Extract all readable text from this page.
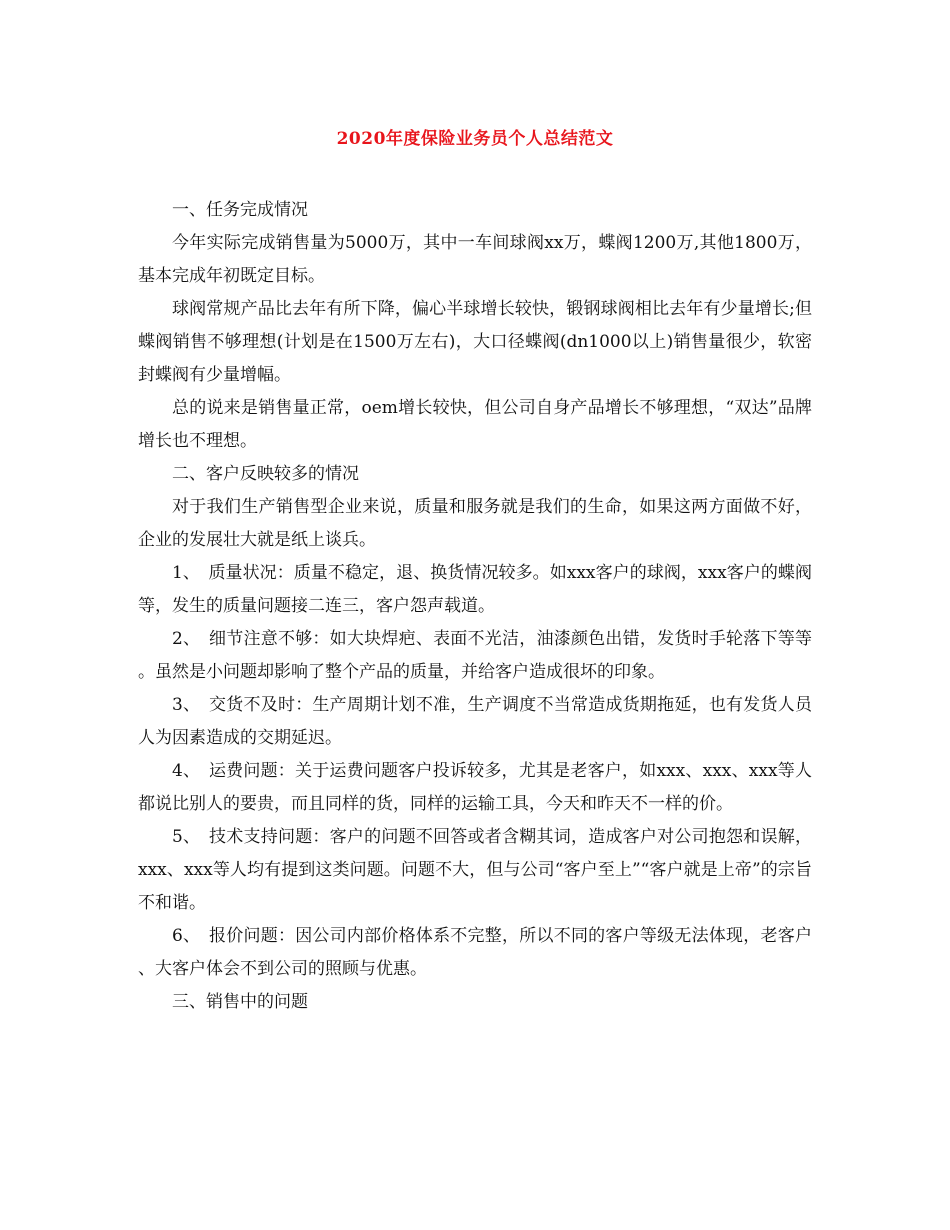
2020年度保险业务员个人总结范文

一、任务完成情况

今年实际完成销售量为5000万，其中一车间球阀xx万，蝶阀1200万,其他1800万，基本完成年初既定目标。

球阀常规产品比去年有所下降，偏心半球增长较快，锻钢球阀相比去年有少量增长;但蝶阀销售不够理想(计划是在1500万左右)，大口径蝶阀(dn1000以上)销售量很少，软密封蝶阀有少量增幅。

总的说来是销售量正常，oem增长较快，但公司自身产品增长不够理想，“双达”品牌增长也不理想。

二、客户反映较多的情况

对于我们生产销售型企业来说，质量和服务就是我们的生命，如果这两方面做不好，企业的发展壮大就是纸上谈兵。

1、　质量状况：质量不稳定，退、换货情况较多。如xxx客户的球阀，xxx客户的蝶阀等，发生的质量问题接二连三，客户怨声载道。

2、　细节注意不够：如大块焊疤、表面不光洁，油漆颜色出错，发货时手轮落下等等。虽然是小问题却影响了整个产品的质量，并给客户造成很坏的印象。

3、　交货不及时：生产周期计划不准，生产调度不当常造成货期拖延，也有发货人员人为因素造成的交期延迟。

4、　运费问题：关于运费问题客户投诉较多，尤其是老客户，如xxx、xxx、xxx等人都说比别人的要贵，而且同样的货，同样的运输工具，今天和昨天不一样的价。

5、　技术支持问题：客户的问题不回答或者含糊其词，造成客户对公司抱怨和误解，xxx、xxx等人均有提到这类问题。问题不大，但与公司“客户至上”“客户就是上帝”的宗旨不和谐。

6、　报价问题：因公司内部价格体系不完整，所以不同的客户等级无法体现，老客户、大客户体会不到公司的照顾与优惠。

三、销售中的问题
